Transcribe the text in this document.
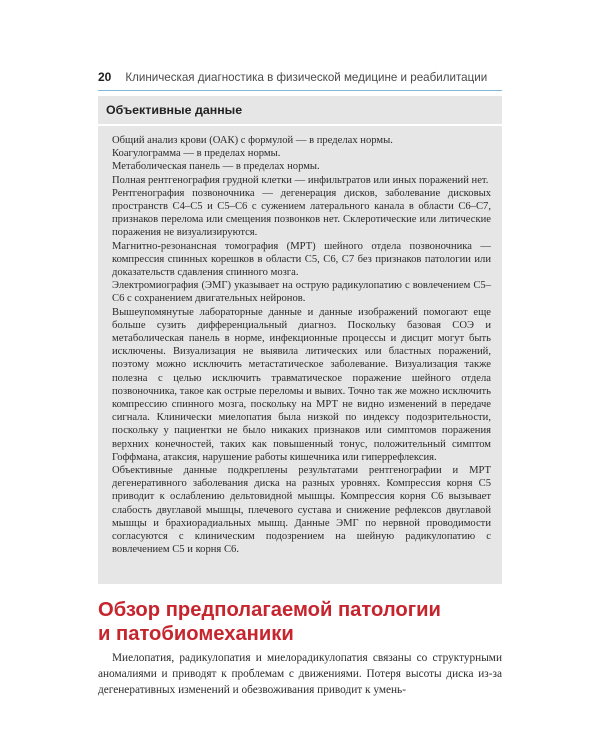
20 Клиническая диагностика в физической медицине и реабилитации
Объективные данные

Общий анализ крови (ОАК) с формулой — в пределах нормы.

Коагулограмма — в пределах нормы.

Метаболическая панель — в пределах нормы.

Полная рентгенография грудной клетки — инфильтратов или иных поражений нет.

Рентгенография позвоночника — дегенерация дисков, заболевание дисковых пространств С4–С5 и С5–С6 с сужением латерального канала в области С6–С7, признаков перелома или смещения позвонков нет. Склеротические или литические поражения не визуализируются.

Магнитно-резонансная томография (МРТ) шейного отдела позвоночника — компрессия спинных корешков в области С5, С6, С7 без признаков патологии или доказательств сдавления спинного мозга.

Электромиография (ЭМГ) указывает на острую радикулопатию с вовлечением С5–С6 с сохранением двигательных нейронов.

Вышеупомянутые лабораторные данные и данные изображений помогают еще больше сузить дифференциальный диагноз. Поскольку базовая СОЭ и метаболическая панель в норме, инфекционные процессы и дисцит могут быть исключены. Визуализация не выявила литических или бластных поражений, поэтому можно исключить метастатическое заболевание. Визуализация также полезна с целью исключить травматическое поражение шейного отдела позвоночника, такое как острые переломы и вывих. Точно так же можно исключить компрессию спинного мозга, поскольку на МРТ не видно изменений в передаче сигнала. Клинически миелопатия была низкой по индексу подозрительности, поскольку у пациентки не было никаких признаков или симптомов поражения верхних конечностей, таких как повышенный тонус, положительный симптом Гоффмана, атаксия, нарушение работы кишечника или гиперрефлексия.

Объективные данные подкреплены результатами рентгенографии и МРТ дегенеративного заболевания диска на разных уровнях. Компрессия корня С5 приводит к ослаблению дельтовидной мышцы. Компрессия корня С6 вызывает слабость двуглавой мышцы, плечевого сустава и снижение рефлексов двуглавой мышцы и брахиорадиальных мышц. Данные ЭМГ по нервной проводимости согласуются с клиническим подозрением на шейную радикулопатию с вовлечением С5 и корня С6.

Обзор предполагаемой патологии
и патобиомеханики

Миелопатия, радикулопатия и миелорадикулопатия связаны со структурными аномалиями и приводят к проблемам с движениями. Потеря высоты диска из-за дегенеративных изменений и обезвоживания приводит к умень-
